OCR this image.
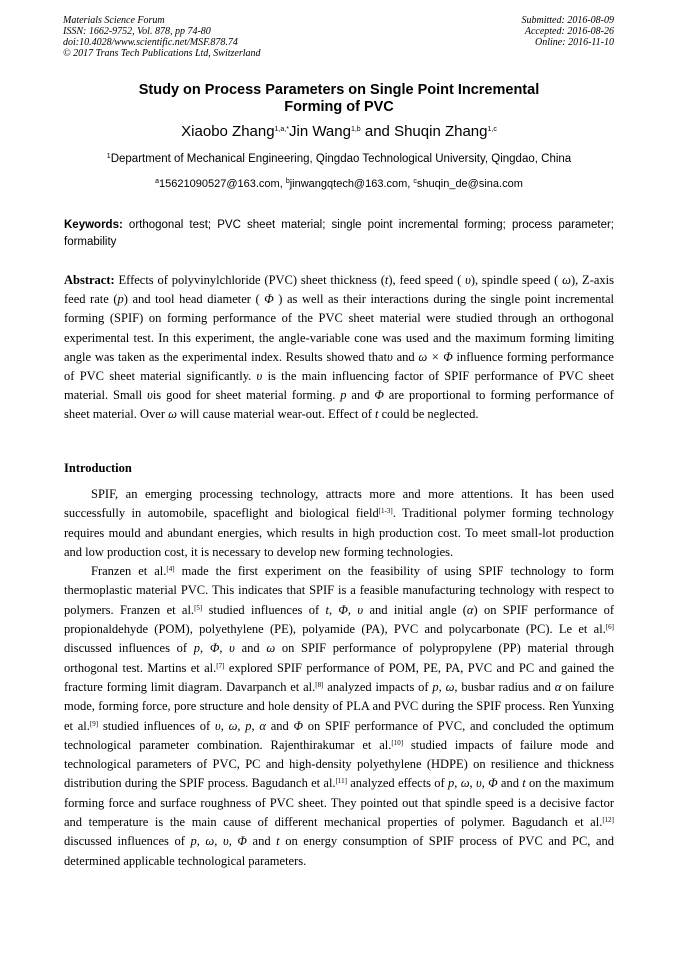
Materials Science Forum
ISSN: 1662-9752, Vol. 878, pp 74-80
doi:10.4028/www.scientific.net/MSF.878.74
© 2017 Trans Tech Publications Ltd, Switzerland
Submitted: 2016-08-09
Accepted: 2016-08-26
Online: 2016-11-10
Study on Process Parameters on Single Point Incremental
Forming of PVC
Xiaobo Zhang$^{1,a,*}$Jin Wang$^{1,b}$ and Shuqin Zhang$^{1,c}$
$^1$Department of Mechanical Engineering, Qingdao Technological University, Qingdao, China
$^a$15621090527@163.com, $^b$jinwangqtech@163.com, $^c$shuqin_de@sina.com
Keywords: orthogonal test; PVC sheet material; single point incremental forming; process parameter; formability
Abstract: Effects of polyvinylchloride (PVC) sheet thickness (t), feed speed ( υ), spindle speed ( ω), Z-axis feed rate (p) and tool head diameter ( Φ ) as well as their interactions during the single point incremental forming (SPIF) on forming performance of the PVC sheet material were studied through an orthogonal experimental test. In this experiment, the angle-variable cone was used and the maximum forming limiting angle was taken as the experimental index. Results showed thatυ and ω × Φ influence forming performance of PVC sheet material significantly. υ is the main influencing factor of SPIF performance of PVC sheet material. Small υis good for sheet material forming. p and Φ are proportional to forming performance of sheet material. Over ω will cause material wear-out. Effect of t could be neglected.
Introduction

SPIF, an emerging processing technology, attracts more and more attentions. It has been used successfully in automobile, spaceflight and biological field[1-3]. Traditional polymer forming technology requires mould and abundant energies, which results in high production cost. To meet small-lot production and low production cost, it is necessary to develop new forming technologies.

Franzen et al.[4] made the first experiment on the feasibility of using SPIF technology to form thermoplastic material PVC. This indicates that SPIF is a feasible manufacturing technology with respect to polymers. Franzen et al.[5] studied influences of t, Φ, υ and initial angle (α) on SPIF performance of propionaldehyde (POM), polyethylene (PE), polyamide (PA), PVC and polycarbonate (PC). Le et al.[6] discussed influences of p, Φ, υ and ω on SPIF performance of polypropylene (PP) material through orthogonal test. Martins et al.[7] explored SPIF performance of POM, PE, PA, PVC and PC and gained the fracture forming limit diagram. Davarpanch et al.[8] analyzed impacts of p, ω, busbar radius and α on failure mode, forming force, pore structure and hole density of PLA and PVC during the SPIF process. Ren Yunxing et al.[9] studied influences of υ, ω, p, α and Φ on SPIF performance of PVC, and concluded the optimum technological parameter combination. Rajenthirakumar et al.[10] studied impacts of failure mode and technological parameters of PVC, PC and high-density polyethylene (HDPE) on resilience and thickness distribution during the SPIF process. Bagudanch et al.[11] analyzed effects of p, ω, υ, Φ and t on the maximum forming force and surface roughness of PVC sheet. They pointed out that spindle speed is a decisive factor and temperature is the main cause of different mechanical properties of polymer. Bagudanch et al.[12] discussed influences of p, ω, υ, Φ and t on energy consumption of SPIF process of PVC and PC, and determined applicable technological parameters.
